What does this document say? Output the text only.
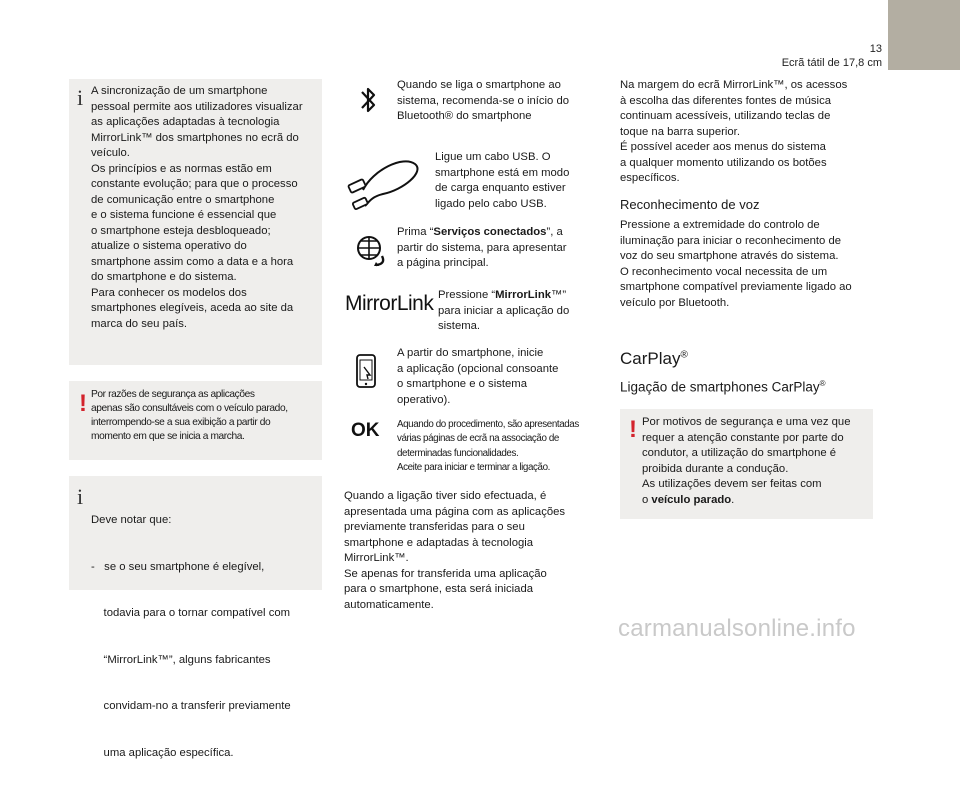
13
Ecrã tátil de 17,8 cm
i A sincronização de um smartphone
pessoal permite aos utilizadores visualizar
as aplicações adaptadas à tecnologia
MirrorLink™ dos smartphones no ecrã do
veículo.
Os princípios e as normas estão em
constante evolução; para que o processo
de comunicação entre o smartphone
e o sistema funcione é essencial que
o smartphone esteja desbloqueado;
atualize o sistema operativo do
smartphone assim como a data e a hora
do smartphone e do sistema.
Para conhecer os modelos dos
smartphones elegíveis, aceda ao site da
marca do seu país.
! Por razões de segurança as aplicações
apenas são consultáveis com o veículo parado,
interrompendo-se a sua exibição a partir do
momento em que se inicia a marcha.
i

Deve notar que:

-   se o seu smartphone é elegível,

todavia para o tornar compatível com

“MirrorLink™”, alguns fabricantes

convidam-no a transferir previamente

uma aplicação específica.

Quando se liga o smartphone ao
sistema, recomenda-se o início do
Bluetooth® do smartphone
Ligue um cabo USB. O
smartphone está em modo
de carga enquanto estiver
ligado pelo cabo USB.
Prima “Serviços conectados”, a
partir do sistema, para apresentar
a página principal.
MirrorLink Pressione “MirrorLink™”
para iniciar a aplicação do
sistema.
A partir do smartphone, inicie
a aplicação (opcional consoante
o smartphone e o sistema
operativo).
OK Aquando do procedimento, são apresentadas
várias páginas de ecrã na associação de
determinadas funcionalidades.
Aceite para iniciar e terminar a ligação.
Quando a ligação tiver sido efectuada, é
apresentada uma página com as aplicações
previamente transferidas para o seu
smartphone e adaptadas à tecnologia
MirrorLink™.
Se apenas for transferida uma aplicação
para o smartphone, esta será iniciada
automaticamente.
Na margem do ecrã MirrorLink™, os acessos
à escolha das diferentes fontes de música
continuam acessíveis, utilizando teclas de
toque na barra superior.
É possível aceder aos menus do sistema
a qualquer momento utilizando os botões
específicos.
Reconhecimento de voz
Pressione a extremidade do controlo de
iluminação para iniciar o reconhecimento de
voz do seu smartphone através do sistema.
O reconhecimento vocal necessita de um
smartphone compatível previamente ligado ao
veículo por Bluetooth.
CarPlay®
Ligação de smartphones CarPlay®
! Por motivos de segurança e uma vez que
requer a atenção constante por parte do
condutor, a utilização do smartphone é
proibida durante a condução.
As utilizações devem ser feitas com
o veículo parado.
carmanualsonline.info
